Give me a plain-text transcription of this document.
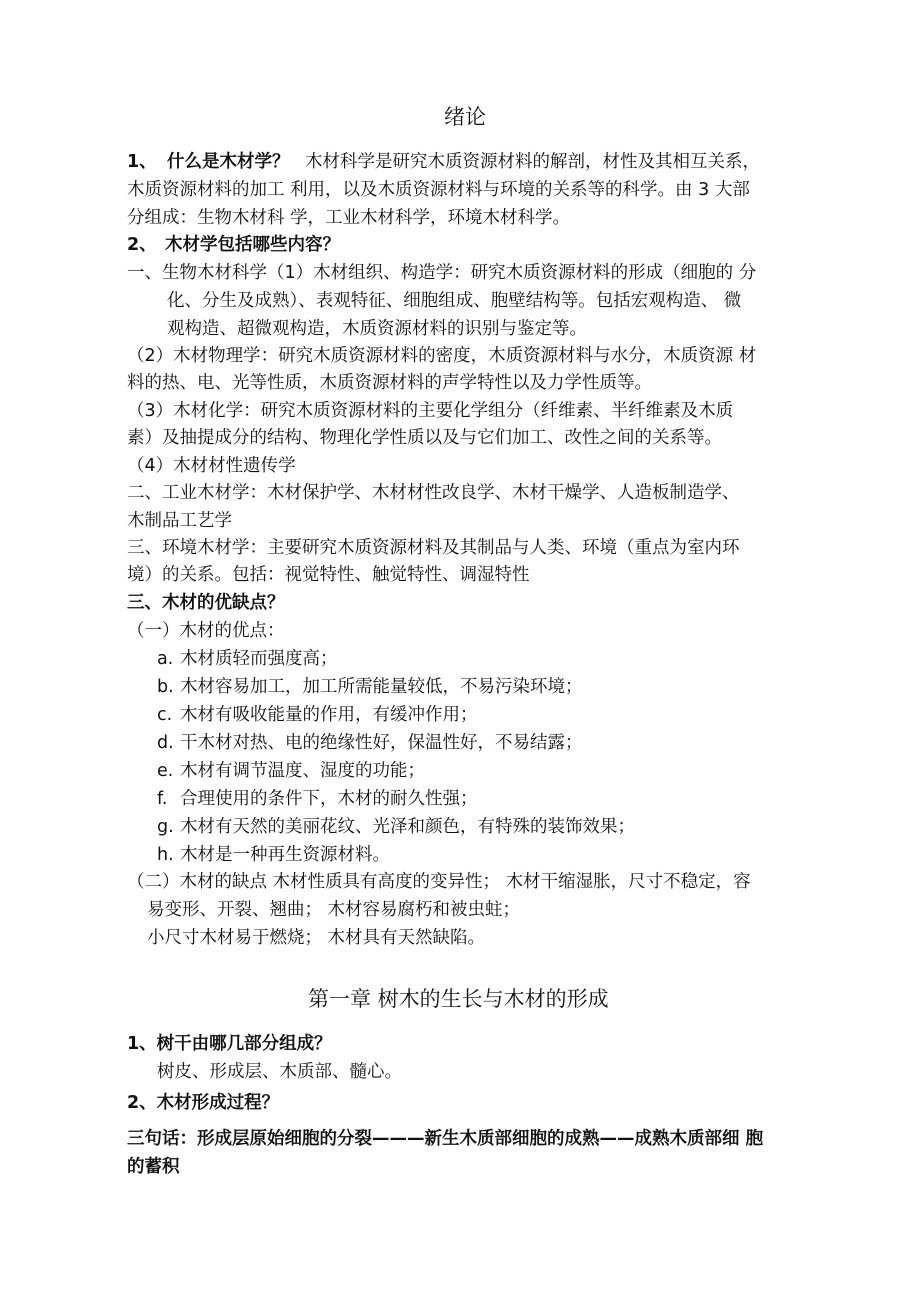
绪论
1、 什么是木材学？ 木材科学是研究木质资源材料的解剖，材性及其相互关系，
木质资源材料的加工 利用，以及木质资源材料与环境的关系等的科学。由 3 大部
分组成：生物木材科 学，工业木材科学，环境木材科学。
2、 木材学包括哪些内容？
一、生物木材科学（1）木材组织、构造学：研究木质资源材料的形成（细胞的 分
化、分生及成熟）、表观特征、细胞组成、胞壁结构等。包括宏观构造、 微
观构造、超微观构造，木质资源材料的识别与鉴定等。
（2）木材物理学：研究木质资源材料的密度，木质资源材料与水分，木质资源 材
料的热、电、光等性质，木质资源材料的声学特性以及力学性质等。
（3）木材化学：研究木质资源材料的主要化学组分（纤维素、半纤维素及木质
素）及抽提成分的结构、物理化学性质以及与它们加工、改性之间的关系等。
（4）木材材性遗传学
二、工业木材学：木材保护学、木材材性改良学、木材干燥学、人造板制造学、
木制品工艺学
三、环境木材学：主要研究木质资源材料及其制品与人类、环境（重点为室内环
境）的关系。包括：视觉特性、触觉特性、调湿特性
三、木材的优缺点？
（一）木材的优点：
a. 木材质轻而强度高；
b. 木材容易加工，加工所需能量较低，不易污染环境；
c. 木材有吸收能量的作用，有缓冲作用；
d. 干木材对热、电的绝缘性好，保温性好，不易结露；
e. 木材有调节温度、湿度的功能；
f. 合理使用的条件下，木材的耐久性强；
g. 木材有天然的美丽花纹、光泽和颜色，有特殊的装饰效果；
h. 木材是一种再生资源材料。
（二）木材的缺点 木材性质具有高度的变异性； 木材干缩湿胀，尺寸不稳定，容
易变形、开裂、翘曲； 木材容易腐朽和被虫蛀；
小尺寸木材易于燃烧； 木材具有天然缺陷。
第一章 树木的生长与木材的形成
1、树干由哪几部分组成？
树皮、形成层、木质部、髓心。
2、木材形成过程？
三句话：形成层原始细胞的分裂———新生木质部细胞的成熟——成熟木质部细 胞
的蓄积
